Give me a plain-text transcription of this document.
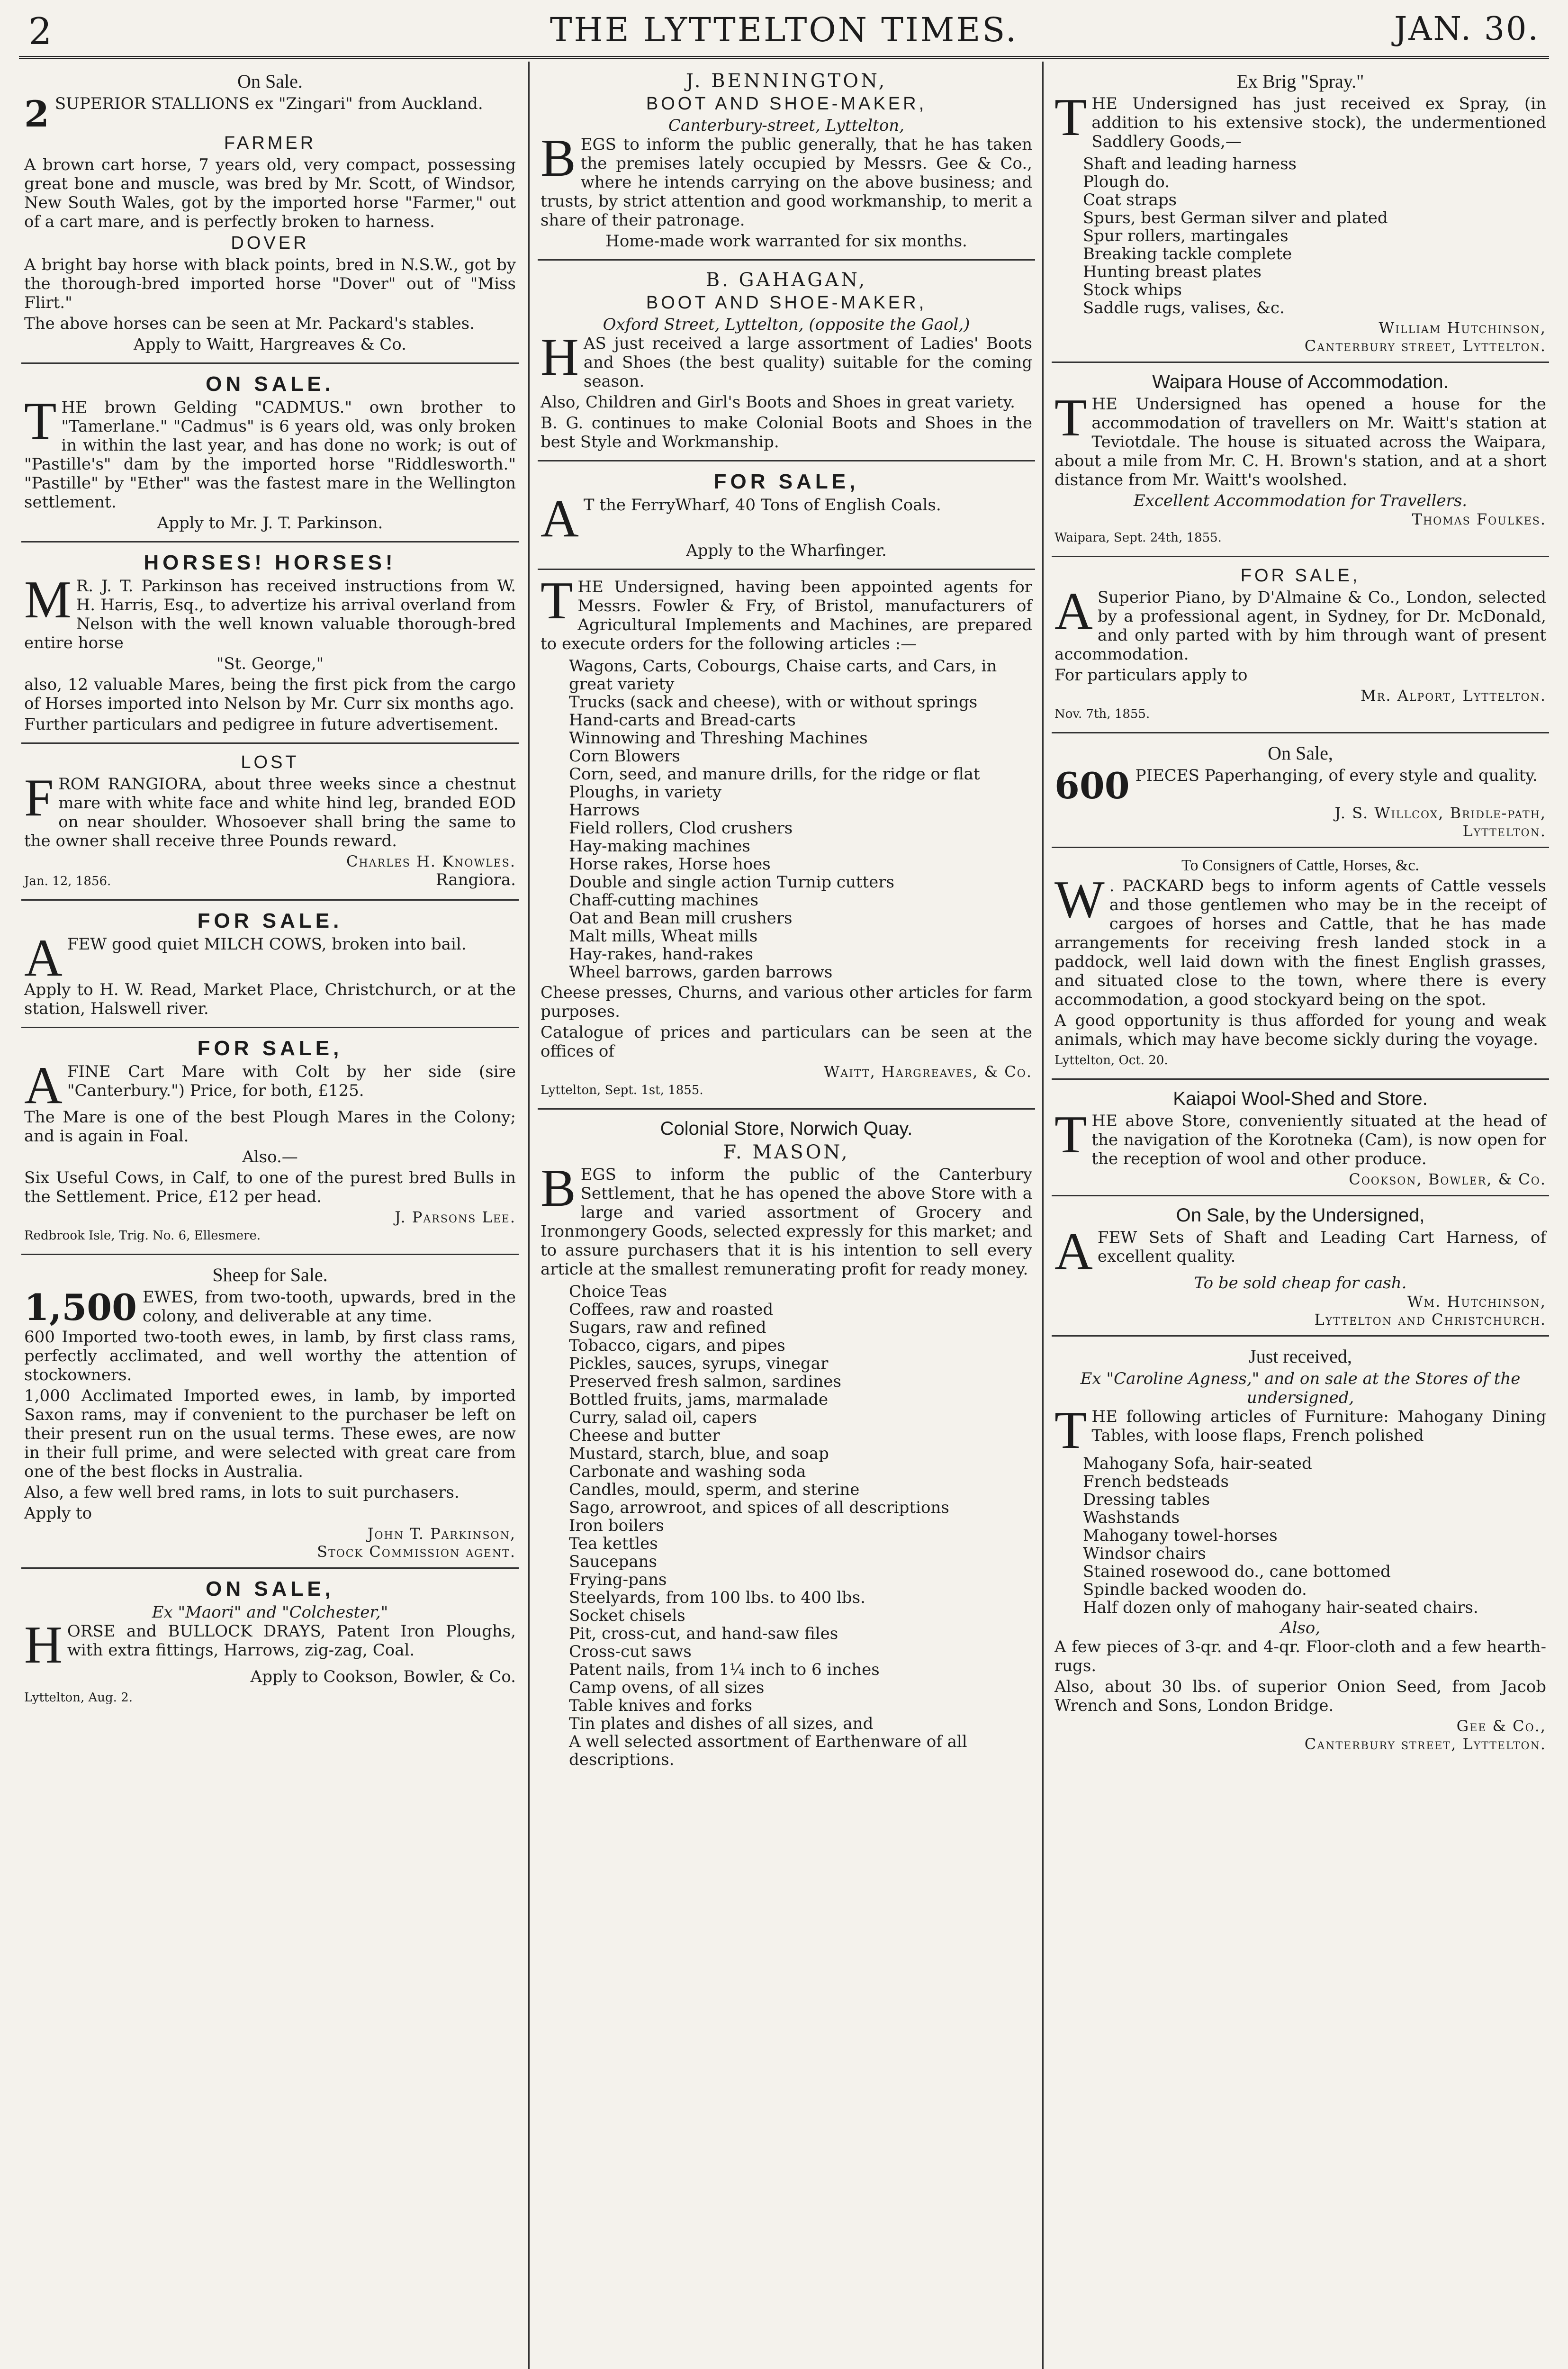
2	THE LYTTELTON TIMES.	JAN. 30.
On Sale.

2 SUPERIOR STALLIONS ex "Zingari" from Auckland.

FARMER

A brown cart horse, 7 years old, very compact, possessing great bone and muscle, was bred by Mr. Scott, of Windsor, New South Wales, got by the imported horse "Farmer," out of a cart mare, and is perfectly broken to harness.

DOVER

A bright bay horse with black points, bred in N.S.W., got by the thorough-bred imported horse "Dover" out of "Miss Flirt."

The above horses can be seen at Mr. Packard's stables.

Apply to Waitt, Hargreaves & Co.

ON SALE.

THE brown Gelding "CADMUS." own brother to "Tamerlane." "Cadmus" is 6 years old, was only broken in within the last year, and has done no work; is out of "Pastille's" dam by the imported horse "Riddlesworth." "Pastille" by "Ether" was the fastest mare in the Wellington settlement.

Apply to Mr. J. T. Parkinson.

HORSES! HORSES!

M R. J. T. Parkinson has received instructions from W. H. Harris, Esq., to advertize his arrival overland from Nelson with the well known valuable thorough-bred entire horse

"St. George,"

also, 12 valuable Mares, being the first pick from the cargo of Horses imported into Nelson by Mr. Curr six months ago.

Further particulars and pedigree in future advertisement.

LOST

FROM RANGIORA, about three weeks since a chestnut mare with white face and white hind leg, branded EOD on near shoulder. Whosoever shall bring the same to the owner shall receive three Pounds reward.

Charles H. Knowles.

Jan. 12, 1856.	Rangiora.

FOR SALE.

AFEW good quiet MILCH COWS, broken into bail.

Apply to H. W. Read, Market Place, Christchurch, or at the station, Halswell river.

FOR SALE,

AFINE Cart Mare with Colt by her side (sire "Canterbury.") Price, for both, £125.

The Mare is one of the best Plough Mares in the Colony; and is again in Foal.

Also.—

Six Useful Cows, in Calf, to one of the purest bred Bulls in the Settlement. Price, £12 per head.

J. Parsons Lee.

Redbrook Isle, Trig. No. 6, Ellesmere.

Sheep for Sale.

1,500 EWES, from two-tooth, upwards, bred in the colony, and deliverable at any time.

600 Imported two-tooth ewes, in lamb, by first class rams, perfectly acclimated, and well worthy the attention of stockowners.

1,000 Acclimated Imported ewes, in lamb, by imported Saxon rams, may if convenient to the purchaser be left on their present run on the usual terms. These ewes, are now in their full prime, and were selected with great care from one of the best flocks in Australia.

Also, a few well bred rams, in lots to suit purchasers.

Apply to

John T. Parkinson,
Stock Commission agent.
ON SALE,
Ex "Maori" and "Colchester,"

HORSE and BULLOCK DRAYS, Patent Iron Ploughs, with extra fittings, Harrows, zig-zag, Coal.

Apply to Cookson, Bowler, & Co.

Lyttelton, Aug. 2.

J. BENNINGTON,
BOOT AND SHOE-MAKER,
Canterbury-street, Lyttelton,

BEGS to inform the public generally, that he has taken the premises lately occupied by Messrs. Gee & Co., where he intends carrying on the above business; and trusts, by strict attention and good workmanship, to merit a share of their patronage.

Home-made work warranted for six months.

B. GAHAGAN,
BOOT AND SHOE-MAKER,
Oxford Street, Lyttelton, (opposite the Gaol,)

HAS just received a large assortment of Ladies' Boots and Shoes (the best quality) suitable for the coming season.

Also, Children and Girl's Boots and Shoes in great variety.

B. G. continues to make Colonial Boots and Shoes in the best Style and Workmanship.

FOR SALE,

A T the FerryWharf, 40 Tons of English Coals.

Apply to the Wharfinger.

THE Undersigned, having been appointed agents for Messrs. Fowler & Fry, of Bristol, manufacturers of Agricultural Implements and Machines, are prepared to execute orders for the following articles :—

Wagons, Carts, Cobourgs, Chaise carts, and Cars, in great variety
Trucks (sack and cheese), with or without springs
Hand-carts and Bread-carts
Winnowing and Threshing Machines
Corn Blowers
Corn, seed, and manure drills, for the ridge or flat
Ploughs, in variety
Harrows
Field rollers, Clod crushers
Hay-making machines
Horse rakes, Horse hoes
Double and single action Turnip cutters
Chaff-cutting machines
Oat and Bean mill crushers
Malt mills, Wheat mills
Hay-rakes, hand-rakes
Wheel barrows, garden barrows

Cheese presses, Churns, and various other articles for farm purposes.

Catalogue of prices and particulars can be seen at the offices of

Waitt, Hargreaves, & Co.

Lyttelton, Sept. 1st, 1855.

Colonial Store, Norwich Quay.
F. MASON,

BEGS to inform the public of the Canterbury Settlement, that he has opened the above Store with a large and varied assortment of Grocery and Ironmongery Goods, selected expressly for this market; and to assure purchasers that it is his intention to sell every article at the smallest remunerating profit for ready money.

Choice Teas
Coffees, raw and roasted
Sugars, raw and refined
Tobacco, cigars, and pipes
Pickles, sauces, syrups, vinegar
Preserved fresh salmon, sardines
Bottled fruits, jams, marmalade
Curry, salad oil, capers
Cheese and butter
Mustard, starch, blue, and soap
Carbonate and washing soda
Candles, mould, sperm, and sterine
Sago, arrowroot, and spices of all descriptions
Iron boilers
Tea kettles
Saucepans
Frying-pans
Steelyards, from 100 lbs. to 400 lbs.
Socket chisels
Pit, cross-cut, and hand-saw files
Cross-cut saws
Patent nails, from 1¼ inch to 6 inches
Camp ovens, of all sizes
Table knives and forks
Tin plates and dishes of all sizes, and
A well selected assortment of Earthenware of all descriptions.
Ex Brig "Spray."

THE Undersigned has just received ex Spray, (in addition to his extensive stock), the undermentioned Saddlery Goods,—

Shaft and leading harness
Plough do.
Coat straps
Spurs, best German silver and plated
Spur rollers, martingales
Breaking tackle complete
Hunting breast plates
Stock whips
Saddle rugs, valises, &c.
William Hutchinson,
Canterbury street, Lyttelton.
Waipara House of Accommodation.

THE Undersigned has opened a house for the accommodation of travellers on Mr. Waitt's station at Teviotdale. The house is situated across the Waipara, about a mile from Mr. C. H. Brown's station, and at a short distance from Mr. Waitt's woolshed.

Excellent Accommodation for Travellers.
Thomas Foulkes.

Waipara, Sept. 24th, 1855.

FOR SALE,

A Superior Piano, by D'Almaine & Co., London, selected by a professional agent, in Sydney, for Dr. McDonald, and only parted with by him through want of present accommodation.

For particulars apply to

Mr. Alport, Lyttelton.

Nov. 7th, 1855.

On Sale,

600 PIECES Paperhanging, of every style and quality.

J. S. Willcox, Bridle-path,
Lyttelton.
To Consigners of Cattle, Horses, &c.

W . PACKARD begs to inform agents of Cattle vessels and those gentlemen who may be in the receipt of cargoes of horses and Cattle, that he has made arrangements for receiving fresh landed stock in a paddock, well laid down with the finest English grasses, and situated close to the town, where there is every accommodation, a good stockyard being on the spot.

A good opportunity is thus afforded for young and weak animals, which may have become sickly during the voyage.

Lyttelton, Oct. 20.

Kaiapoi Wool-Shed and Store.

THE above Store, conveniently situated at the head of the navigation of the Korotneka (Cam), is now open for the reception of wool and other produce.

Cookson, Bowler, & Co.
On Sale, by the Undersigned,

AFEW Sets of Shaft and Leading Cart Harness, of excellent quality.

To be sold cheap for cash.
Wm. Hutchinson,
Lyttelton and Christchurch.
Just received,
Ex "Caroline Agness," and on sale at the Stores of the undersigned,

THE following articles of Furniture: Mahogany Dining Tables, with loose flaps, French polished

Mahogany Sofa, hair-seated
French bedsteads
Dressing tables
Washstands
Mahogany towel-horses
Windsor chairs
Stained rosewood do., cane bottomed
Spindle backed wooden do.
Half dozen only of mahogany hair-seated chairs.
Also,

A few pieces of 3-qr. and 4-qr. Floor-cloth and a few hearth-rugs.

Also, about 30 lbs. of superior Onion Seed, from Jacob Wrench and Sons, London Bridge.

Gee & Co.,
Canterbury street, Lyttelton.
